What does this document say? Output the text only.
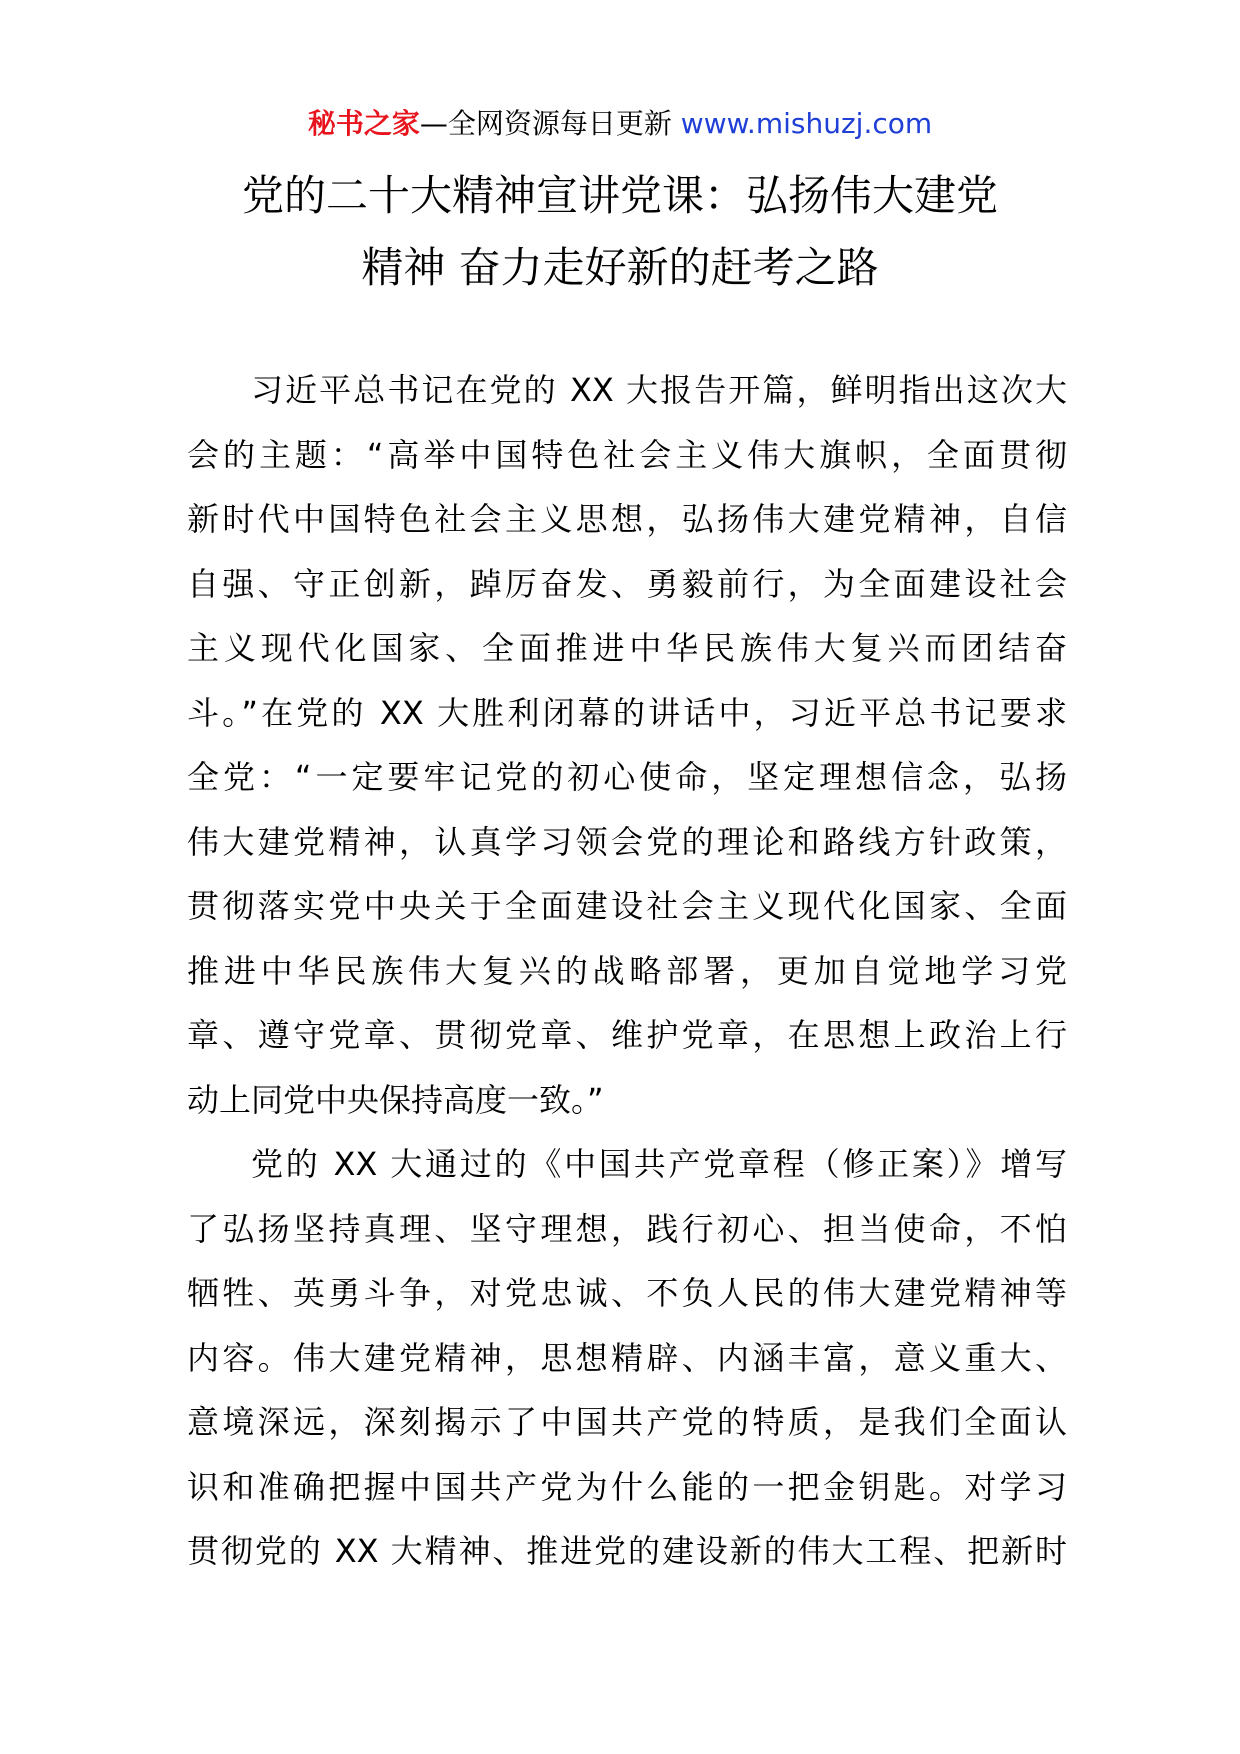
秘书之家—全网资源每日更新 www.mishuzj.com
党的二十大精神宣讲党课：弘扬伟大建党
精神 奋力走好新的赶考之路
习近平总书记在党的 XX 大报告开篇，鲜明指出这次大
会的主题：“高举中国特色社会主义伟大旗帜，全面贯彻
新时代中国特色社会主义思想，弘扬伟大建党精神，自信
自强、守正创新，踔厉奋发、勇毅前行，为全面建设社会
主义现代化国家、全面推进中华民族伟大复兴而团结奋
斗。”在党的 XX 大胜利闭幕的讲话中，习近平总书记要求
全党：“一定要牢记党的初心使命，坚定理想信念，弘扬
伟大建党精神，认真学习领会党的理论和路线方针政策，
贯彻落实党中央关于全面建设社会主义现代化国家、全面
推进中华民族伟大复兴的战略部署，更加自觉地学习党
章、遵守党章、贯彻党章、维护党章，在思想上政治上行
动上同党中央保持高度一致。”
党的 XX 大通过的《中国共产党章程（修正案）》增写
了弘扬坚持真理、坚守理想，践行初心、担当使命，不怕
牺牲、英勇斗争，对党忠诚、不负人民的伟大建党精神等
内容。伟大建党精神，思想精辟、内涵丰富，意义重大、
意境深远，深刻揭示了中国共产党的特质，是我们全面认
识和准确把握中国共产党为什么能的一把金钥匙。对学习
贯彻党的 XX 大精神、推进党的建设新的伟大工程、把新时
